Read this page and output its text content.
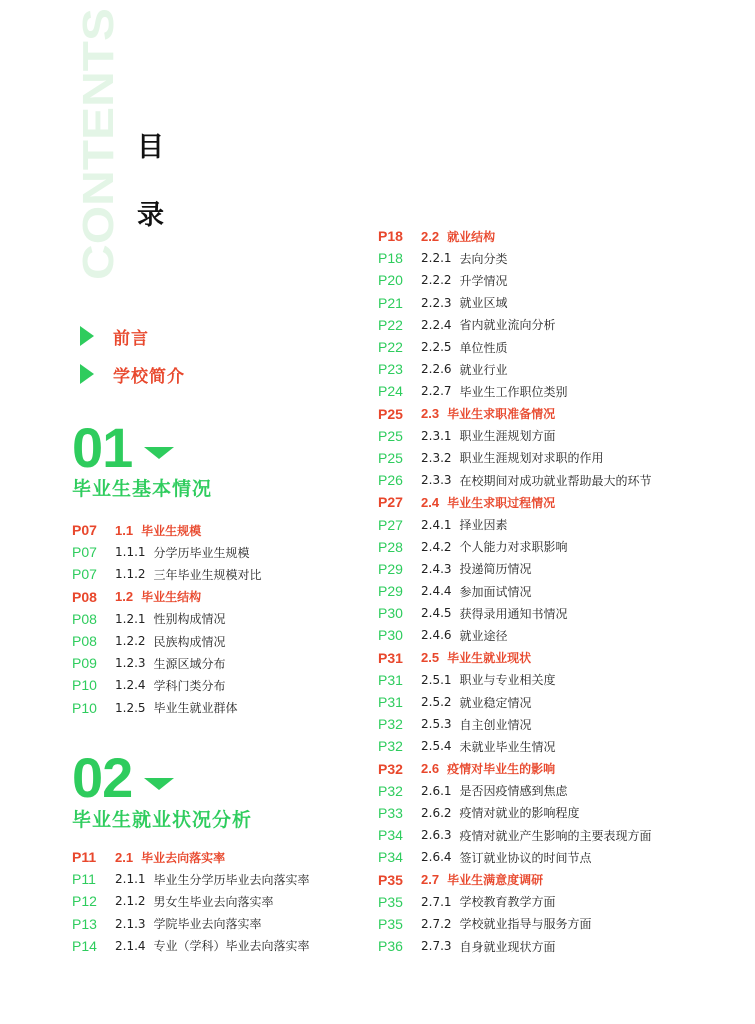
CONTENTS 目
录
前言
学校简介
01
毕业生基本情况
P07	1.1 毕业生规模
P07	1.1.1 分学历毕业生规模
P07	1.1.2 三年毕业生规模对比
P08	1.2 毕业生结构
P08	1.2.1 性别构成情况
P08	1.2.2 民族构成情况
P09	1.2.3 生源区域分布
P10	1.2.4 学科门类分布
P10	1.2.5 毕业生就业群体
02
毕业生就业状况分析
P11	2.1 毕业去向落实率
P11	2.1.1 毕业生分学历毕业去向落实率
P12	2.1.2 男女生毕业去向落实率
P13	2.1.3 学院毕业去向落实率
P14	2.1.4 专业（学科）毕业去向落实率
P18	2.2 就业结构
P18	2.2.1 去向分类
P20	2.2.2 升学情况
P21	2.2.3 就业区域
P22	2.2.4 省内就业流向分析
P22	2.2.5 单位性质
P23	2.2.6 就业行业
P24	2.2.7 毕业生工作职位类别
P25	2.3 毕业生求职准备情况
P25	2.3.1 职业生涯规划方面
P25	2.3.2 职业生涯规划对求职的作用
P26	2.3.3 在校期间对成功就业帮助最大的环节
P27	2.4 毕业生求职过程情况
P27	2.4.1 择业因素
P28	2.4.2 个人能力对求职影响
P29	2.4.3 投递简历情况
P29	2.4.4 参加面试情况
P30	2.4.5 获得录用通知书情况
P30	2.4.6 就业途径
P31	2.5 毕业生就业现状
P31	2.5.1 职业与专业相关度
P31	2.5.2 就业稳定情况
P32	2.5.3 自主创业情况
P32	2.5.4 未就业毕业生情况
P32	2.6 疫情对毕业生的影响
P32	2.6.1 是否因疫情感到焦虑
P33	2.6.2 疫情对就业的影响程度
P34	2.6.3 疫情对就业产生影响的主要表现方面
P34	2.6.4 签订就业协议的时间节点
P35	2.7 毕业生满意度调研
P35	2.7.1 学校教育教学方面
P35	2.7.2 学校就业指导与服务方面
P36	2.7.3 自身就业现状方面
